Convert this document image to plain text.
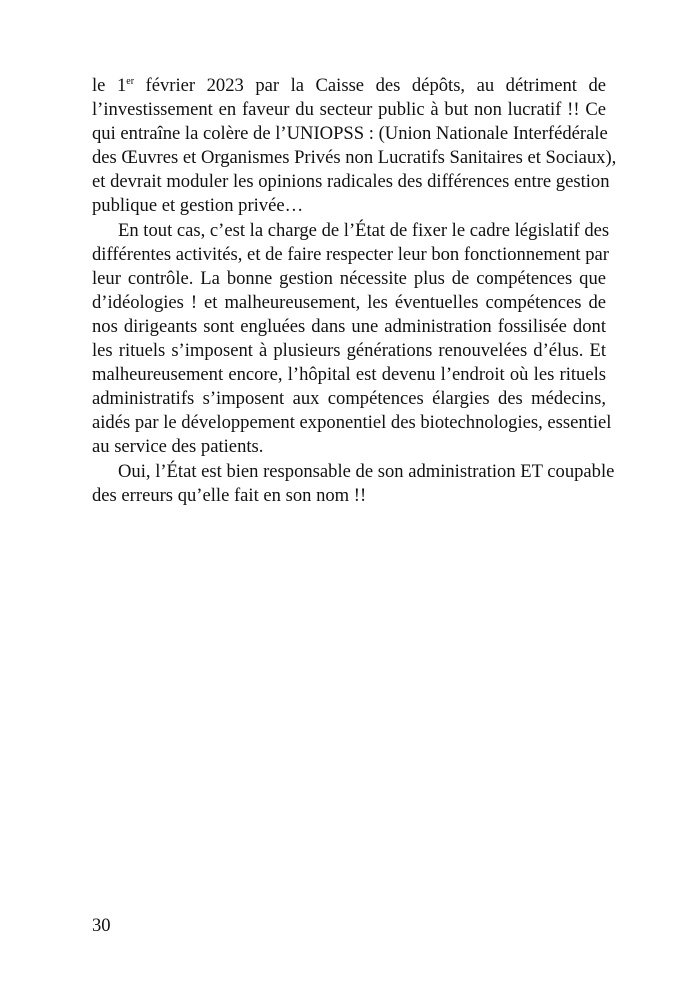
le 1er février 2023 par la Caisse des dépôts, au détriment de
l’investissement en faveur du secteur public à but non lucratif !! Ce
qui entraîne la colère de l’UNIOPSS : (Union Nationale Interfédérale
des Œuvres et Organismes Privés non Lucratifs Sanitaires et Sociaux),
et devrait moduler les opinions radicales des différences entre gestion
publique et gestion privée…

En tout cas, c’est la charge de l’État de fixer le cadre législatif des
différentes activités, et de faire respecter leur bon fonctionnement par
leur contrôle. La bonne gestion nécessite plus de compétences que
d’idéologies ! et malheureusement, les éventuelles compétences de
nos dirigeants sont engluées dans une administration fossilisée dont
les rituels s’imposent à plusieurs générations renouvelées d’élus. Et
malheureusement encore, l’hôpital est devenu l’endroit où les rituels
administratifs s’imposent aux compétences élargies des médecins,
aidés par le développement exponentiel des biotechnologies, essentiel
au service des patients.

Oui, l’État est bien responsable de son administration ET coupable
des erreurs qu’elle fait en son nom !!

30
